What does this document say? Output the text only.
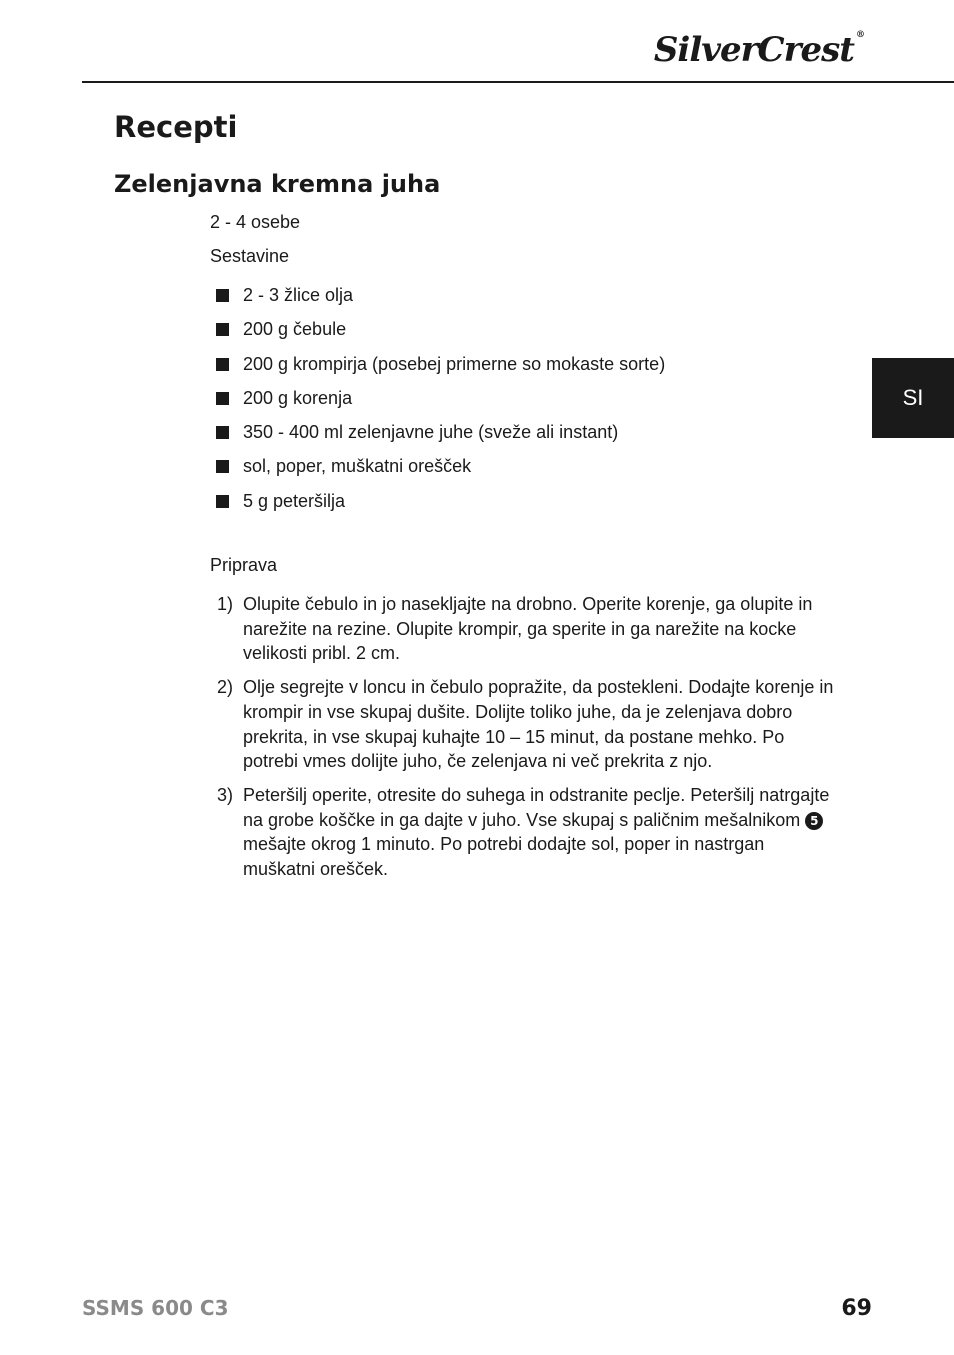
SilverCrest ®
Recepti
Zelenjavna kremna juha
2 - 4 osebe
Sestavine
2 - 3 žlice olja
200 g čebule
200 g krompirja (posebej primerne so mokaste sorte)
200 g korenja
350 - 400 ml zelenjavne juhe (sveže ali instant)
sol, poper, muškatni orešček
5 g peteršilja
Priprava
1) Olupite čebulo in jo nasekljajte na drobno. Operite korenje, ga olupite in narežite na rezine. Olupite krompir, ga sperite in ga narežite na kocke velikosti pribl. 2 cm.
2) Olje segrejte v loncu in čebulo popražite, da postekleni. Dodajte korenje in krompir in vse skupaj dušite. Dolijte toliko juhe, da je zelenjava dobro prekrita, in vse skupaj kuhajte 10 – 15 minut, da postane mehko. Po potrebi vmes dolijte juho, če zelenjava ni več prekrita z njo.
3) Peteršilj operite, otresite do suhega in odstranite peclje. Peteršilj natrgajte na grobe koščke in ga dajte v juho. Vse skupaj s paličnim mešalnikom 5 mešajte okrog 1 minuto. Po potrebi dodajte sol, poper in nastrgan muškatni orešček.
SI
SSMS 600 C3	69
